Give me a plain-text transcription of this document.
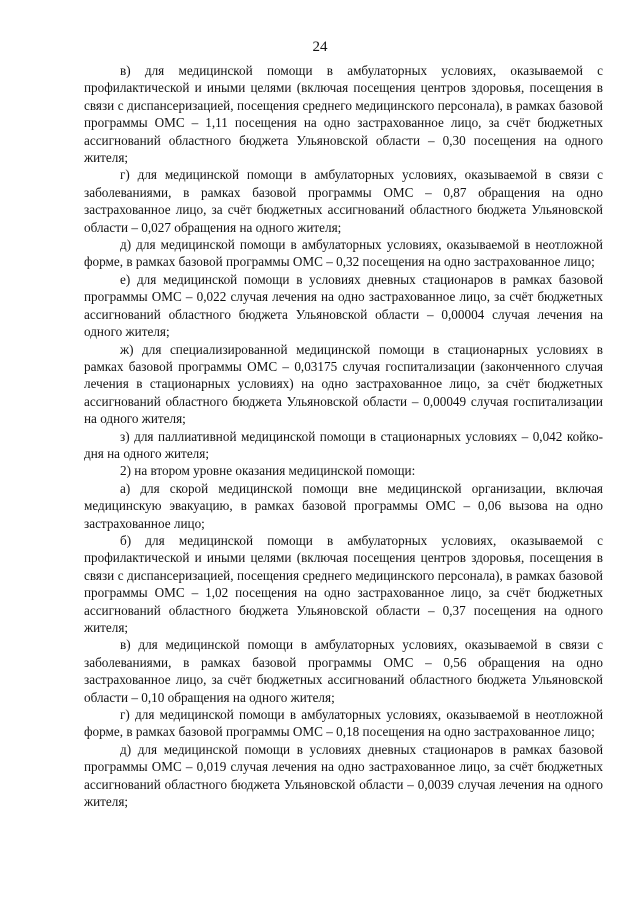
24

в) для медицинской помощи в амбулаторных условиях, оказываемой с профилактической и иными целями (включая посещения центров здоровья, посещения в связи с диспансеризацией, посещения среднего медицинского персонала), в рамках базовой программы ОМС – 1,11 посещения на одно застрахованное лицо, за счёт бюджетных ассигнований областного бюджета Ульяновской области – 0,30 посещения на одного жителя;

г) для медицинской помощи в амбулаторных условиях, оказываемой в связи с заболеваниями, в рамках базовой программы ОМС – 0,87 обращения на одно застрахованное лицо, за счёт бюджетных ассигнований областного бюджета Ульяновской области – 0,027 обращения на одного жителя;

д) для медицинской помощи в амбулаторных условиях, оказываемой в неотложной форме, в рамках базовой программы ОМС – 0,32 посещения на одно застрахованное лицо;

е) для медицинской помощи в условиях дневных стационаров в рамках базовой программы ОМС – 0,022 случая лечения на одно застрахованное лицо, за счёт бюджетных ассигнований областного бюджета Ульяновской области – 0,00004 случая лечения на одного жителя;

ж) для специализированной медицинской помощи в стационарных условиях в рамках базовой программы ОМС – 0,03175 случая госпитализации (законченного случая лечения в стационарных условиях) на одно застрахованное лицо, за счёт бюджетных ассигнований областного бюджета Ульяновской области – 0,00049 случая госпитализации на одного жителя;

з) для паллиативной медицинской помощи в стационарных условиях – 0,042 койко-дня на одного жителя;

2) на втором уровне оказания медицинской помощи:

а) для скорой медицинской помощи вне медицинской организации, включая медицинскую эвакуацию, в рамках базовой программы ОМС – 0,06 вызова на одно застрахованное лицо;

б) для медицинской помощи в амбулаторных условиях, оказываемой с профилактической и иными целями (включая посещения центров здоровья, посещения в связи с диспансеризацией, посещения среднего медицинского персонала), в рамках базовой программы ОМС – 1,02 посещения на одно застрахованное лицо, за счёт бюджетных ассигнований областного бюджета Ульяновской области – 0,37 посещения на одного жителя;

в) для медицинской помощи в амбулаторных условиях, оказываемой в связи с заболеваниями, в рамках базовой программы ОМС – 0,56 обращения на одно застрахованное лицо, за счёт бюджетных ассигнований областного бюджета Ульяновской области – 0,10 обращения на одного жителя;

г) для медицинской помощи в амбулаторных условиях, оказываемой в неотложной форме, в рамках базовой программы ОМС – 0,18 посещения на одно застрахованное лицо;

д) для медицинской помощи в условиях дневных стационаров в рамках базовой программы ОМС – 0,019 случая лечения на одно застрахованное лицо, за счёт бюджетных ассигнований областного бюджета Ульяновской области – 0,0039 случая лечения на одного жителя;
